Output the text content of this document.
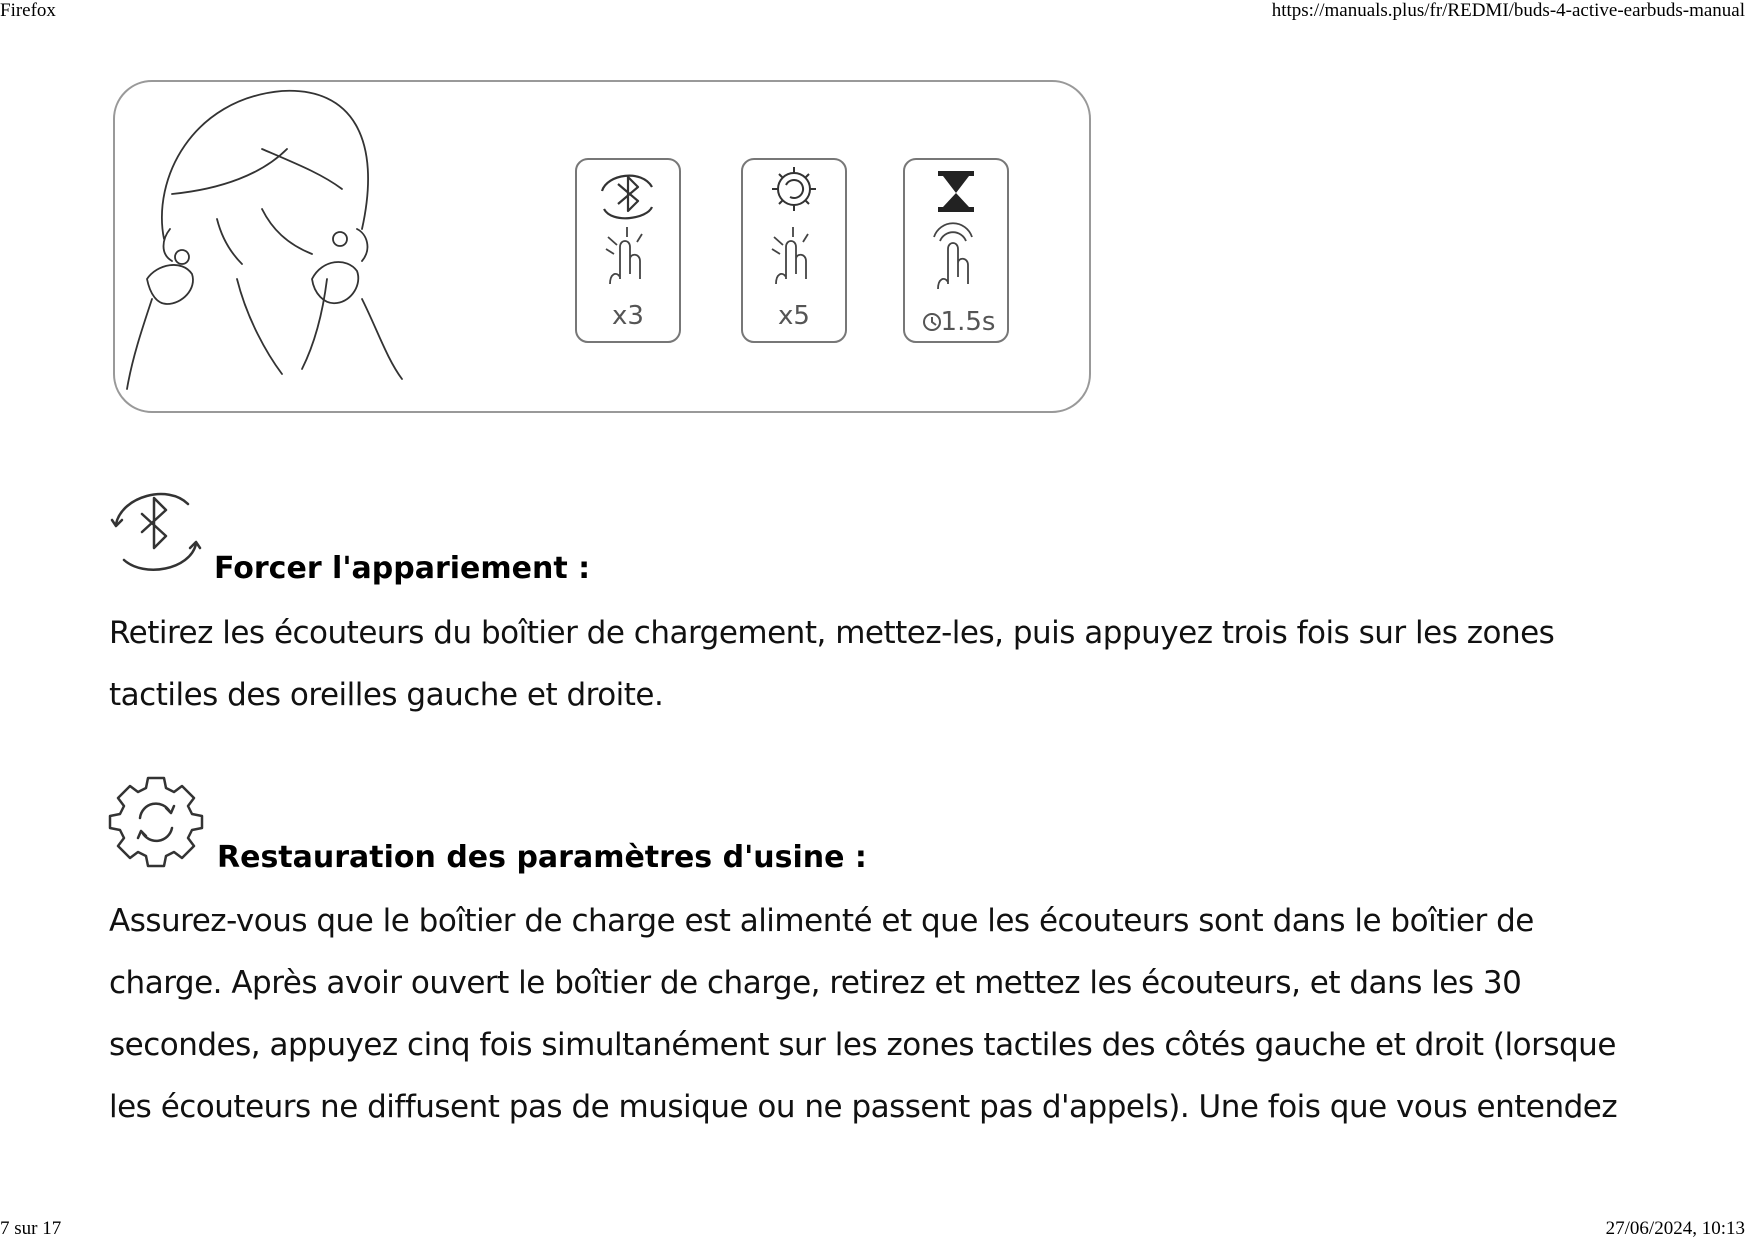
Firefox	https://manuals.plus/fr/REDMI/buds-4-active-earbuds-manual
x3	x5	1.5s
Forcer l'appariement :
Retirez les écouteurs du boîtier de chargement, mettez-les, puis appuyez trois fois sur les zones
tactiles des oreilles gauche et droite.
Restauration des paramètres d'usine :
Assurez-vous que le boîtier de charge est alimenté et que les écouteurs sont dans le boîtier de
charge. Après avoir ouvert le boîtier de charge, retirez et mettez les écouteurs, et dans les 30
secondes, appuyez cinq fois simultanément sur les zones tactiles des côtés gauche et droit (lorsque
les écouteurs ne diffusent pas de musique ou ne passent pas d'appels). Une fois que vous entendez
7 sur 17	27/06/2024, 10:13
